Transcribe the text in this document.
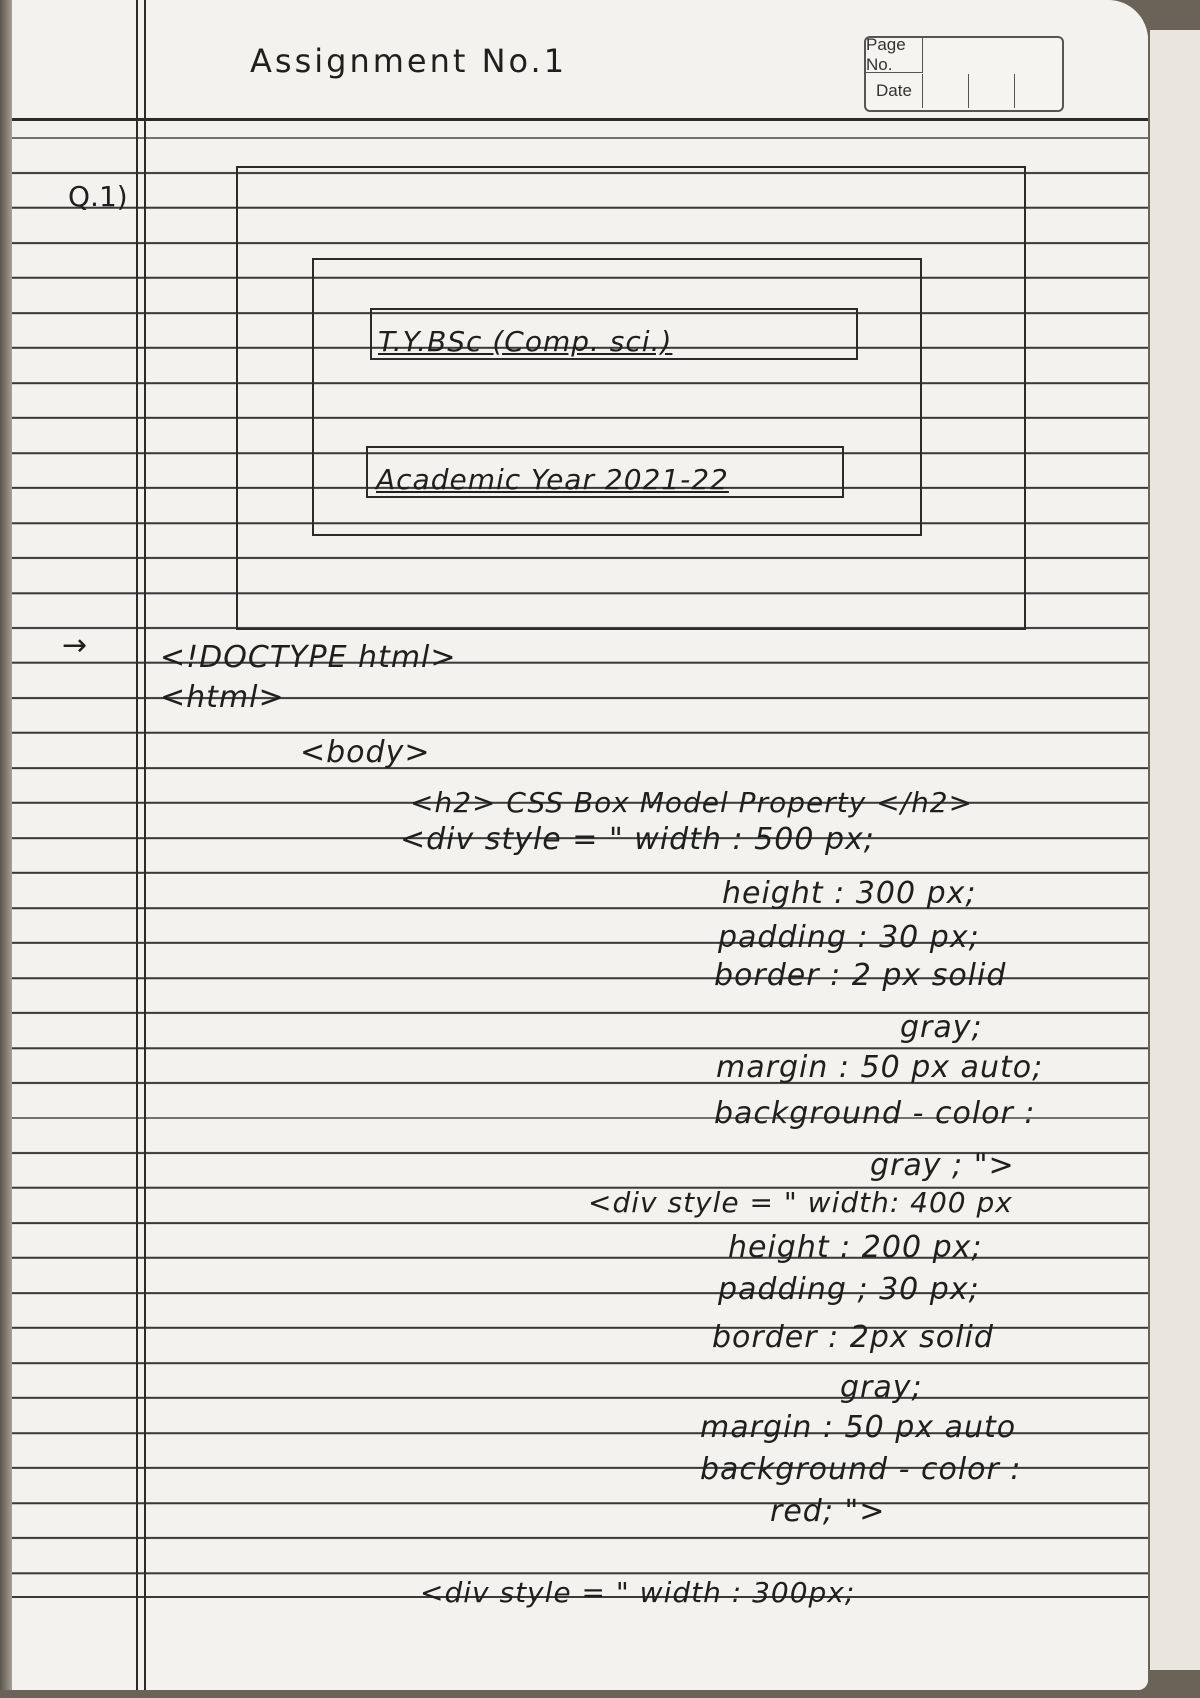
Assignment No.1	Page No.
Date
Q.1)
T.Y.BSc (Comp. sci.)
Academic Year 2021-22
→ <!DOCTYPE html>
<html>
<body>
<h2> CSS Box Model Property </h2>
<div style = " width : 500 px;
height : 300 px;
padding : 30 px;
border : 2 px solid
gray;
margin : 50 px auto;
background - color :
gray ; ">
<div style = " width: 400 px
height : 200 px;
padding ; 30 px;
border : 2px solid
gray;
margin : 50 px auto
background - color :
red; ">
<div style = " width : 300px;
